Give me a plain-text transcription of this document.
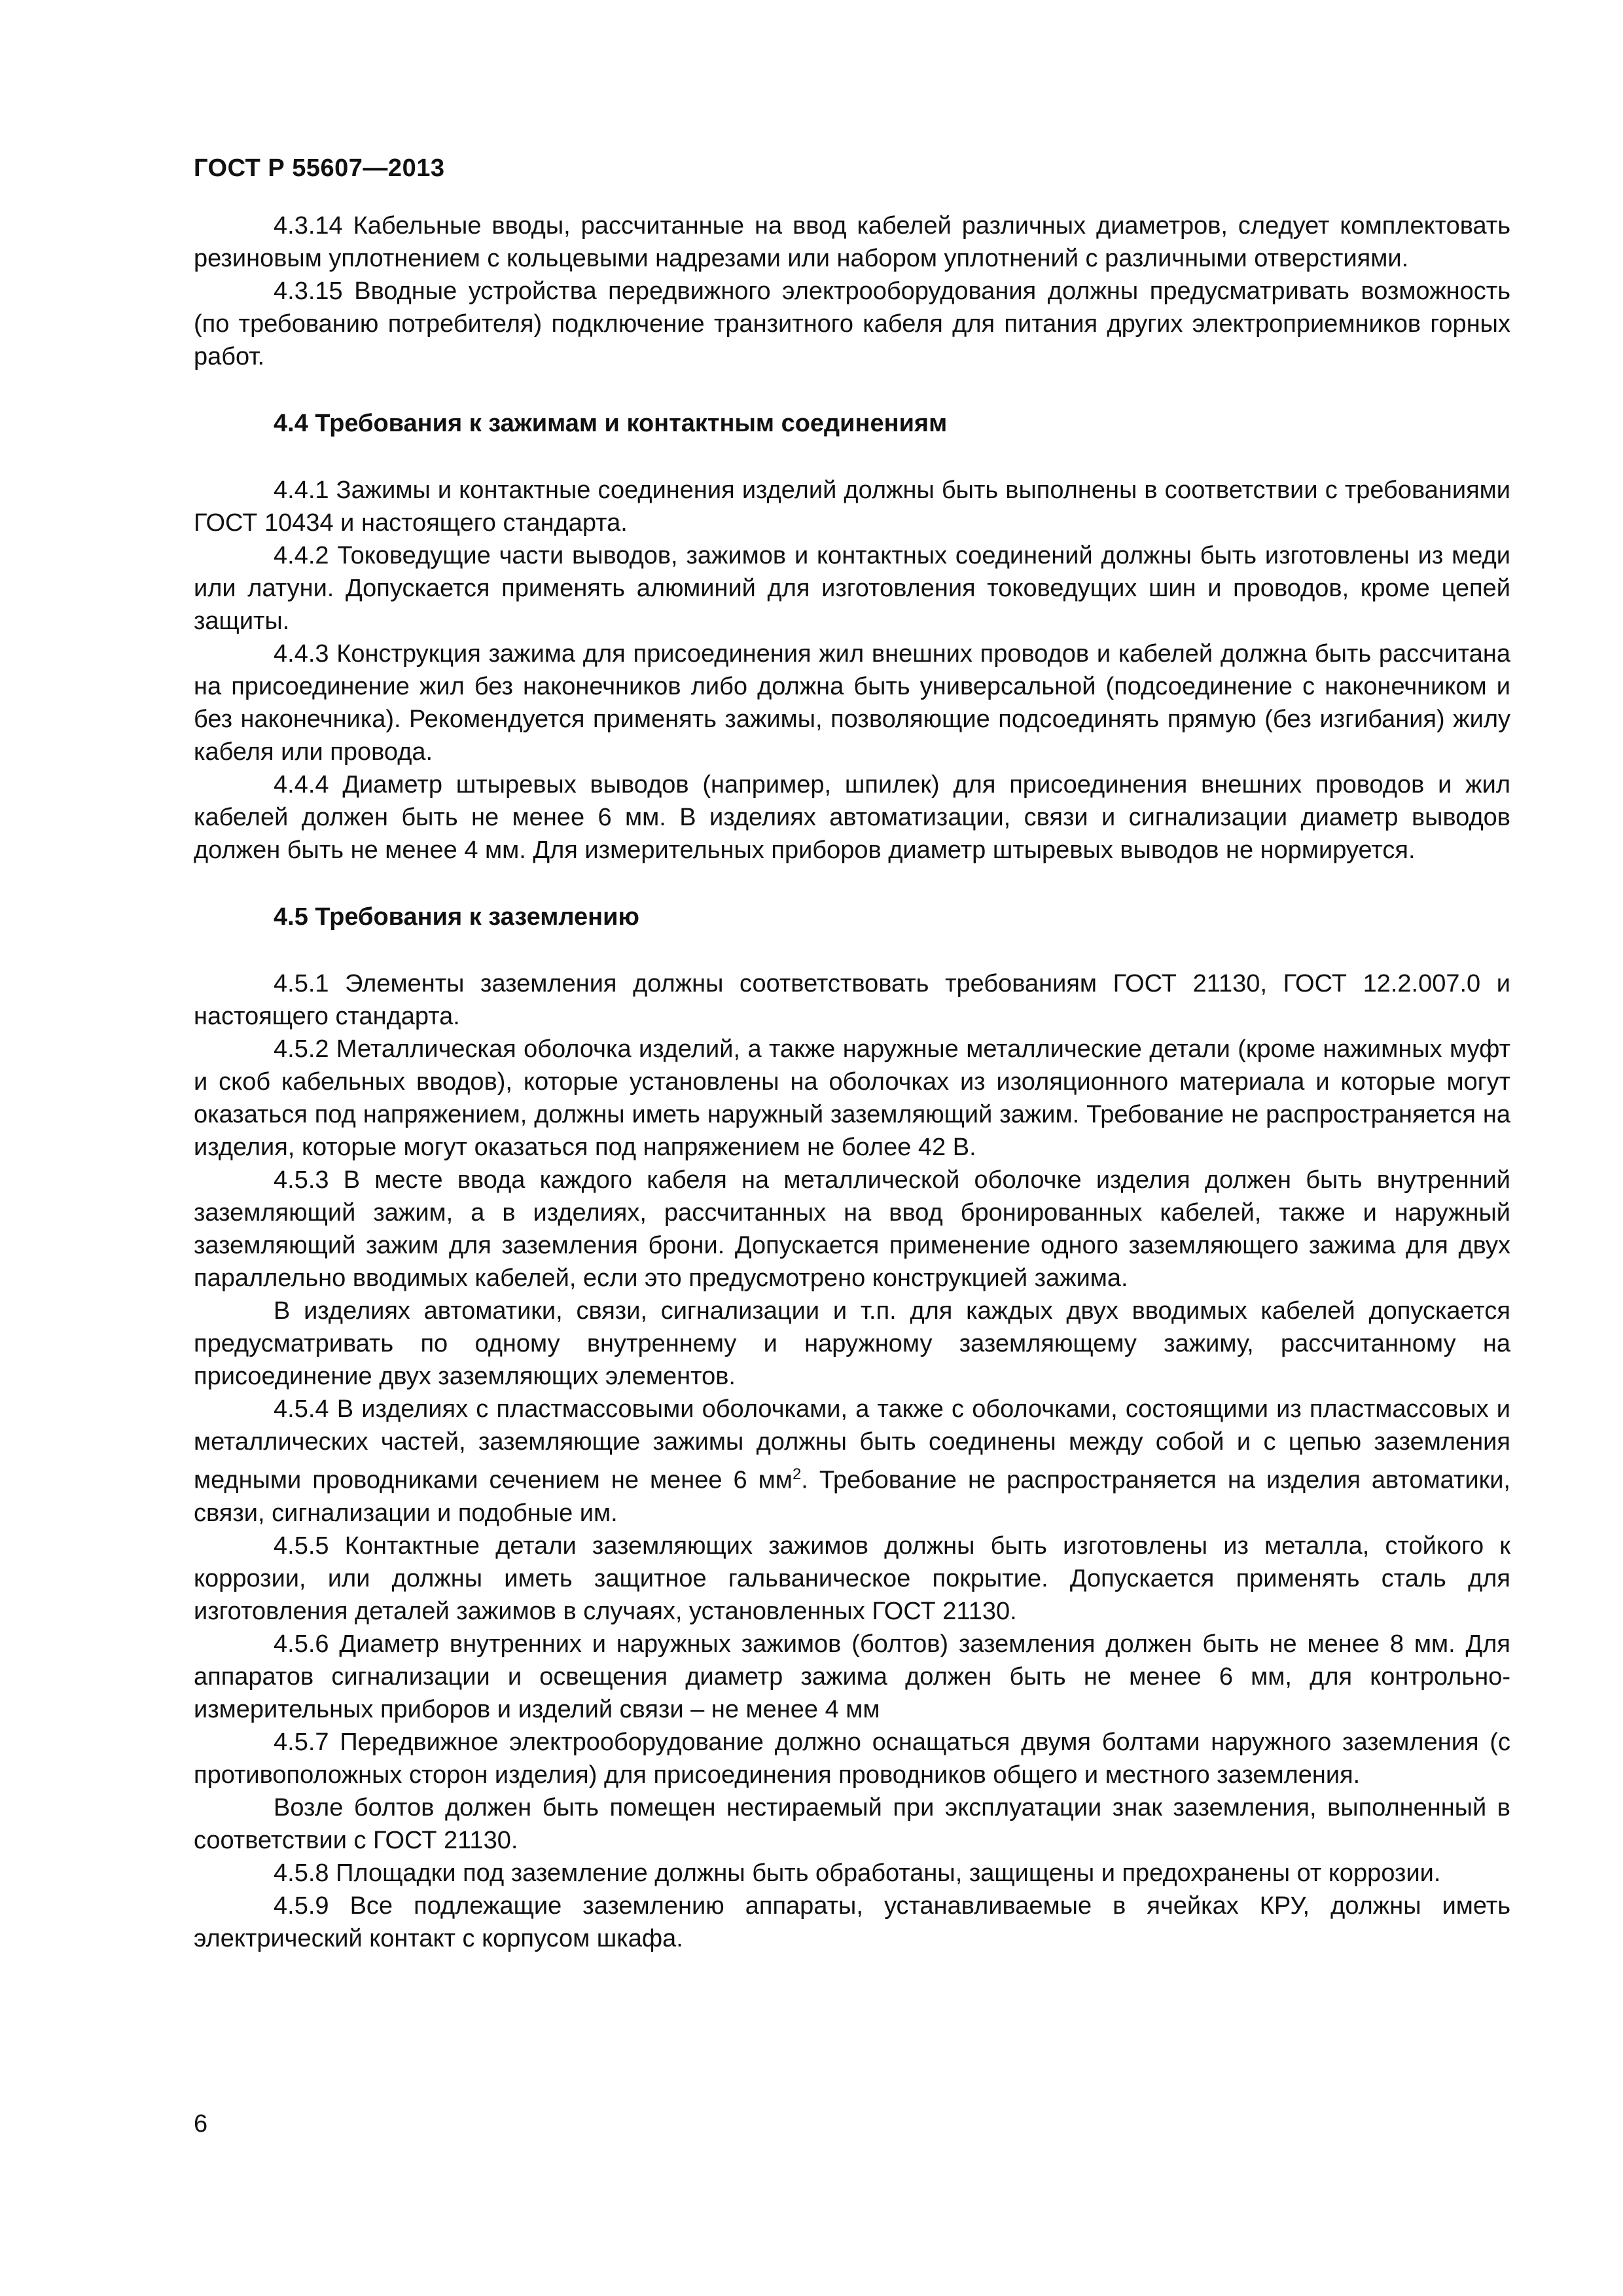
ГОСТ Р 55607—2013

4.3.14 Кабельные вводы, рассчитанные на ввод кабелей различных диаметров, следует комплектовать резиновым уплотнением с кольцевыми надрезами или набором уплотнений с различными отверстиями.

4.3.15 Вводные устройства передвижного электрооборудования должны предусматривать возможность (по требованию потребителя) подключение транзитного кабеля для питания других электроприемников горных работ.

4.4 Требования к зажимам и контактным соединениям

4.4.1 Зажимы и контактные соединения изделий должны быть выполнены в соответствии с требованиями ГОСТ 10434 и настоящего стандарта.

4.4.2 Токоведущие части выводов, зажимов и контактных соединений должны быть изготовлены из меди или латуни. Допускается применять алюминий для изготовления токоведущих шин и проводов, кроме цепей защиты.

4.4.3 Конструкция зажима для присоединения жил внешних проводов и кабелей должна быть рассчитана на присоединение жил без наконечников либо должна быть универсальной (подсоединение с наконечником и без наконечника). Рекомендуется применять зажимы, позволяющие подсоединять прямую (без изгибания) жилу кабеля или провода.

4.4.4 Диаметр штыревых выводов (например, шпилек) для присоединения внешних проводов и жил кабелей должен быть не менее 6 мм. В изделиях автоматизации, связи и сигнализации диаметр выводов должен быть не менее 4 мм. Для измерительных приборов диаметр штыревых выводов не нормируется.

4.5 Требования к заземлению

4.5.1 Элементы заземления должны соответствовать требованиям ГОСТ 21130, ГОСТ 12.2.007.0 и настоящего стандарта.

4.5.2 Металлическая оболочка изделий, а также наружные металлические детали (кроме нажимных муфт и скоб кабельных вводов), которые установлены на оболочках из изоляционного материала и которые могут оказаться под напряжением, должны иметь наружный заземляющий зажим. Требование не распространяется на изделия, которые могут оказаться под напряжением не более 42 В.

4.5.3 В месте ввода каждого кабеля на металлической оболочке изделия должен быть внутренний заземляющий зажим, а в изделиях, рассчитанных на ввод бронированных кабелей, также и наружный заземляющий зажим для заземления брони. Допускается применение одного заземляющего зажима для двух параллельно вводимых кабелей, если это предусмотрено конструкцией зажима.

В изделиях автоматики, связи, сигнализации и т.п. для каждых двух вводимых кабелей допускается предусматривать по одному внутреннему и наружному заземляющему зажиму, рассчитанному на присоединение двух заземляющих элементов.

4.5.4 В изделиях с пластмассовыми оболочками, а также с оболочками, состоящими из пластмассовых и металлических частей, заземляющие зажимы должны быть соединены между собой и с цепью заземления медными проводниками сечением не менее 6 $мм^2$. Требование не распространяется на изделия автоматики, связи, сигнализации и подобные им.

4.5.5 Контактные детали заземляющих зажимов должны быть изготовлены из металла, стойкого к коррозии, или должны иметь защитное гальваническое покрытие. Допускается применять сталь для изготовления деталей зажимов в случаях, установленных ГОСТ 21130.

4.5.6 Диаметр внутренних и наружных зажимов (болтов) заземления должен быть не менее 8 мм. Для аппаратов сигнализации и освещения диаметр зажима должен быть не менее 6 мм, для контрольно-измерительных приборов и изделий связи – не менее 4 мм

4.5.7 Передвижное электрооборудование должно оснащаться двумя болтами наружного заземления (с противоположных сторон изделия) для присоединения проводников общего и местного заземления.

Возле болтов должен быть помещен нестираемый при эксплуатации знак заземления, выполненный в соответствии с ГОСТ 21130.

4.5.8 Площадки под заземление должны быть обработаны, защищены и предохранены от коррозии.

4.5.9 Все подлежащие заземлению аппараты, устанавливаемые в ячейках КРУ, должны иметь электрический контакт с корпусом шкафа.

6
